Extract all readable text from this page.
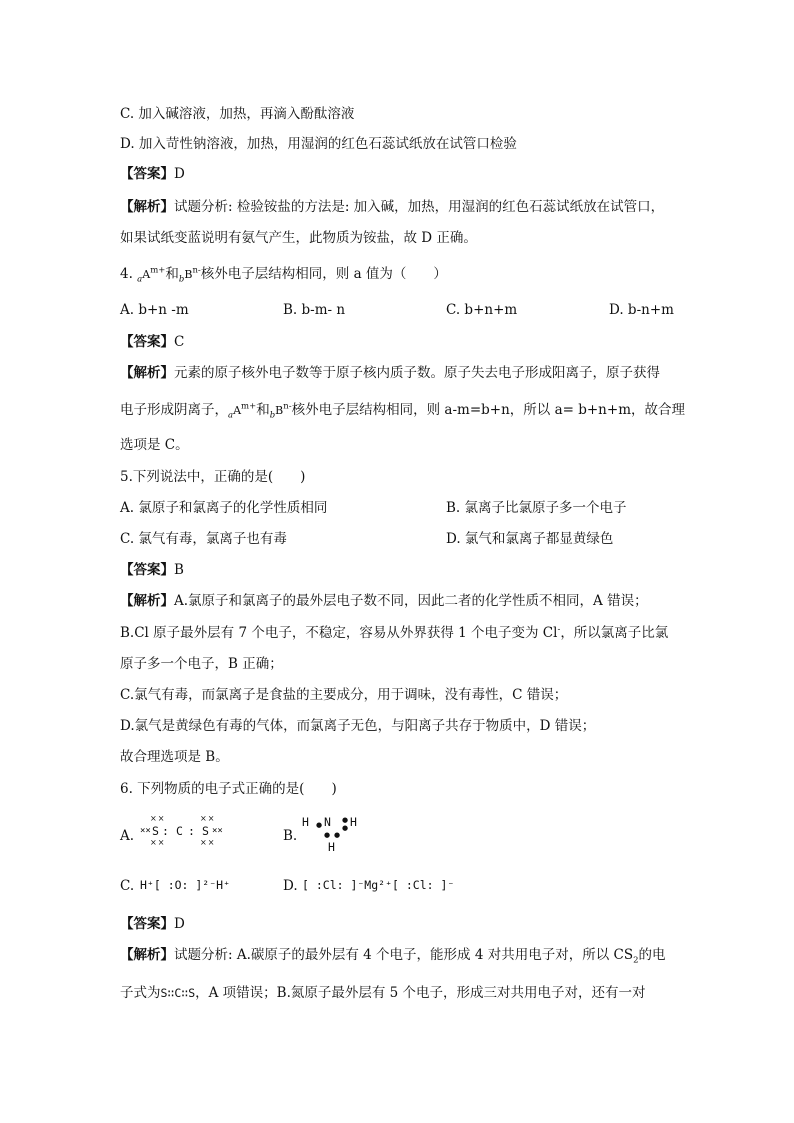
C. 加入碱溶液，加热，再滴入酚酞溶液
D. 加入苛性钠溶液，加热，用湿润的红色石蕊试纸放在试管口检验
【答案】D
【解析】试题分析: 检验铵盐的方法是: 加入碱，加热，用湿润的红色石蕊试纸放在试管口，
如果试纸变蓝说明有氨气产生，此物质为铵盐，故 D 正确。
4. $_aA^{m+}$和$_bB^{n-}$核外电子层结构相同，则 a 值为（　　）
A. b+n -m	B. b-m- n	C. b+n+m	D. b-n+m
【答案】C
【解析】元素的原子核外电子数等于原子核内质子数。原子失去电子形成阳离子，原子获得
电子形成阴离子，$_aA^{m+}$和$_bB^{n-}$核外电子层结构相同，则 a-m=b+n，所以 a= b+n+m，故合理
选项是 C。
5.下列说法中，正确的是(　　)
A. 氯原子和氯离子的化学性质相同	B. 氯离子比氯原子多一个电子
C. 氯气有毒，氯离子也有毒	D. 氯气和氯离子都显黄绿色
【答案】B
【解析】A.氯原子和氯离子的最外层电子数不同，因此二者的化学性质不相同，A 错误；
B.Cl 原子最外层有 7 个电子，不稳定，容易从外界获得 1 个电子变为 Cl-，所以氯离子比氯
原子多一个电子，B 正确；
C.氯气有毒，而氯离子是食盐的主要成分，用于调味，没有毒性，C 错误；
D.氯气是黄绿色有毒的气体，而氯离子无色，与阳离子共存于物质中，D 错误；
故合理选项是 B。
6. 下列物质的电子式正确的是(　　)
A.
××	××
×× S : C : S ××
××	××	B.
H ● N ●
● H
● ●
H
C. H⁺[ :O: ]²⁻H⁺	D. [ :Cl: ]⁻Mg²⁺[ :Cl: ]⁻
【答案】D
【解析】试题分析: A.碳原子的最外层有 4 个电子，能形成 4 对共用电子对，所以 $CS_2$的电
子式为S∷C∷S，A 项错误；B.氮原子最外层有 5 个电子，形成三对共用电子对，还有一对
